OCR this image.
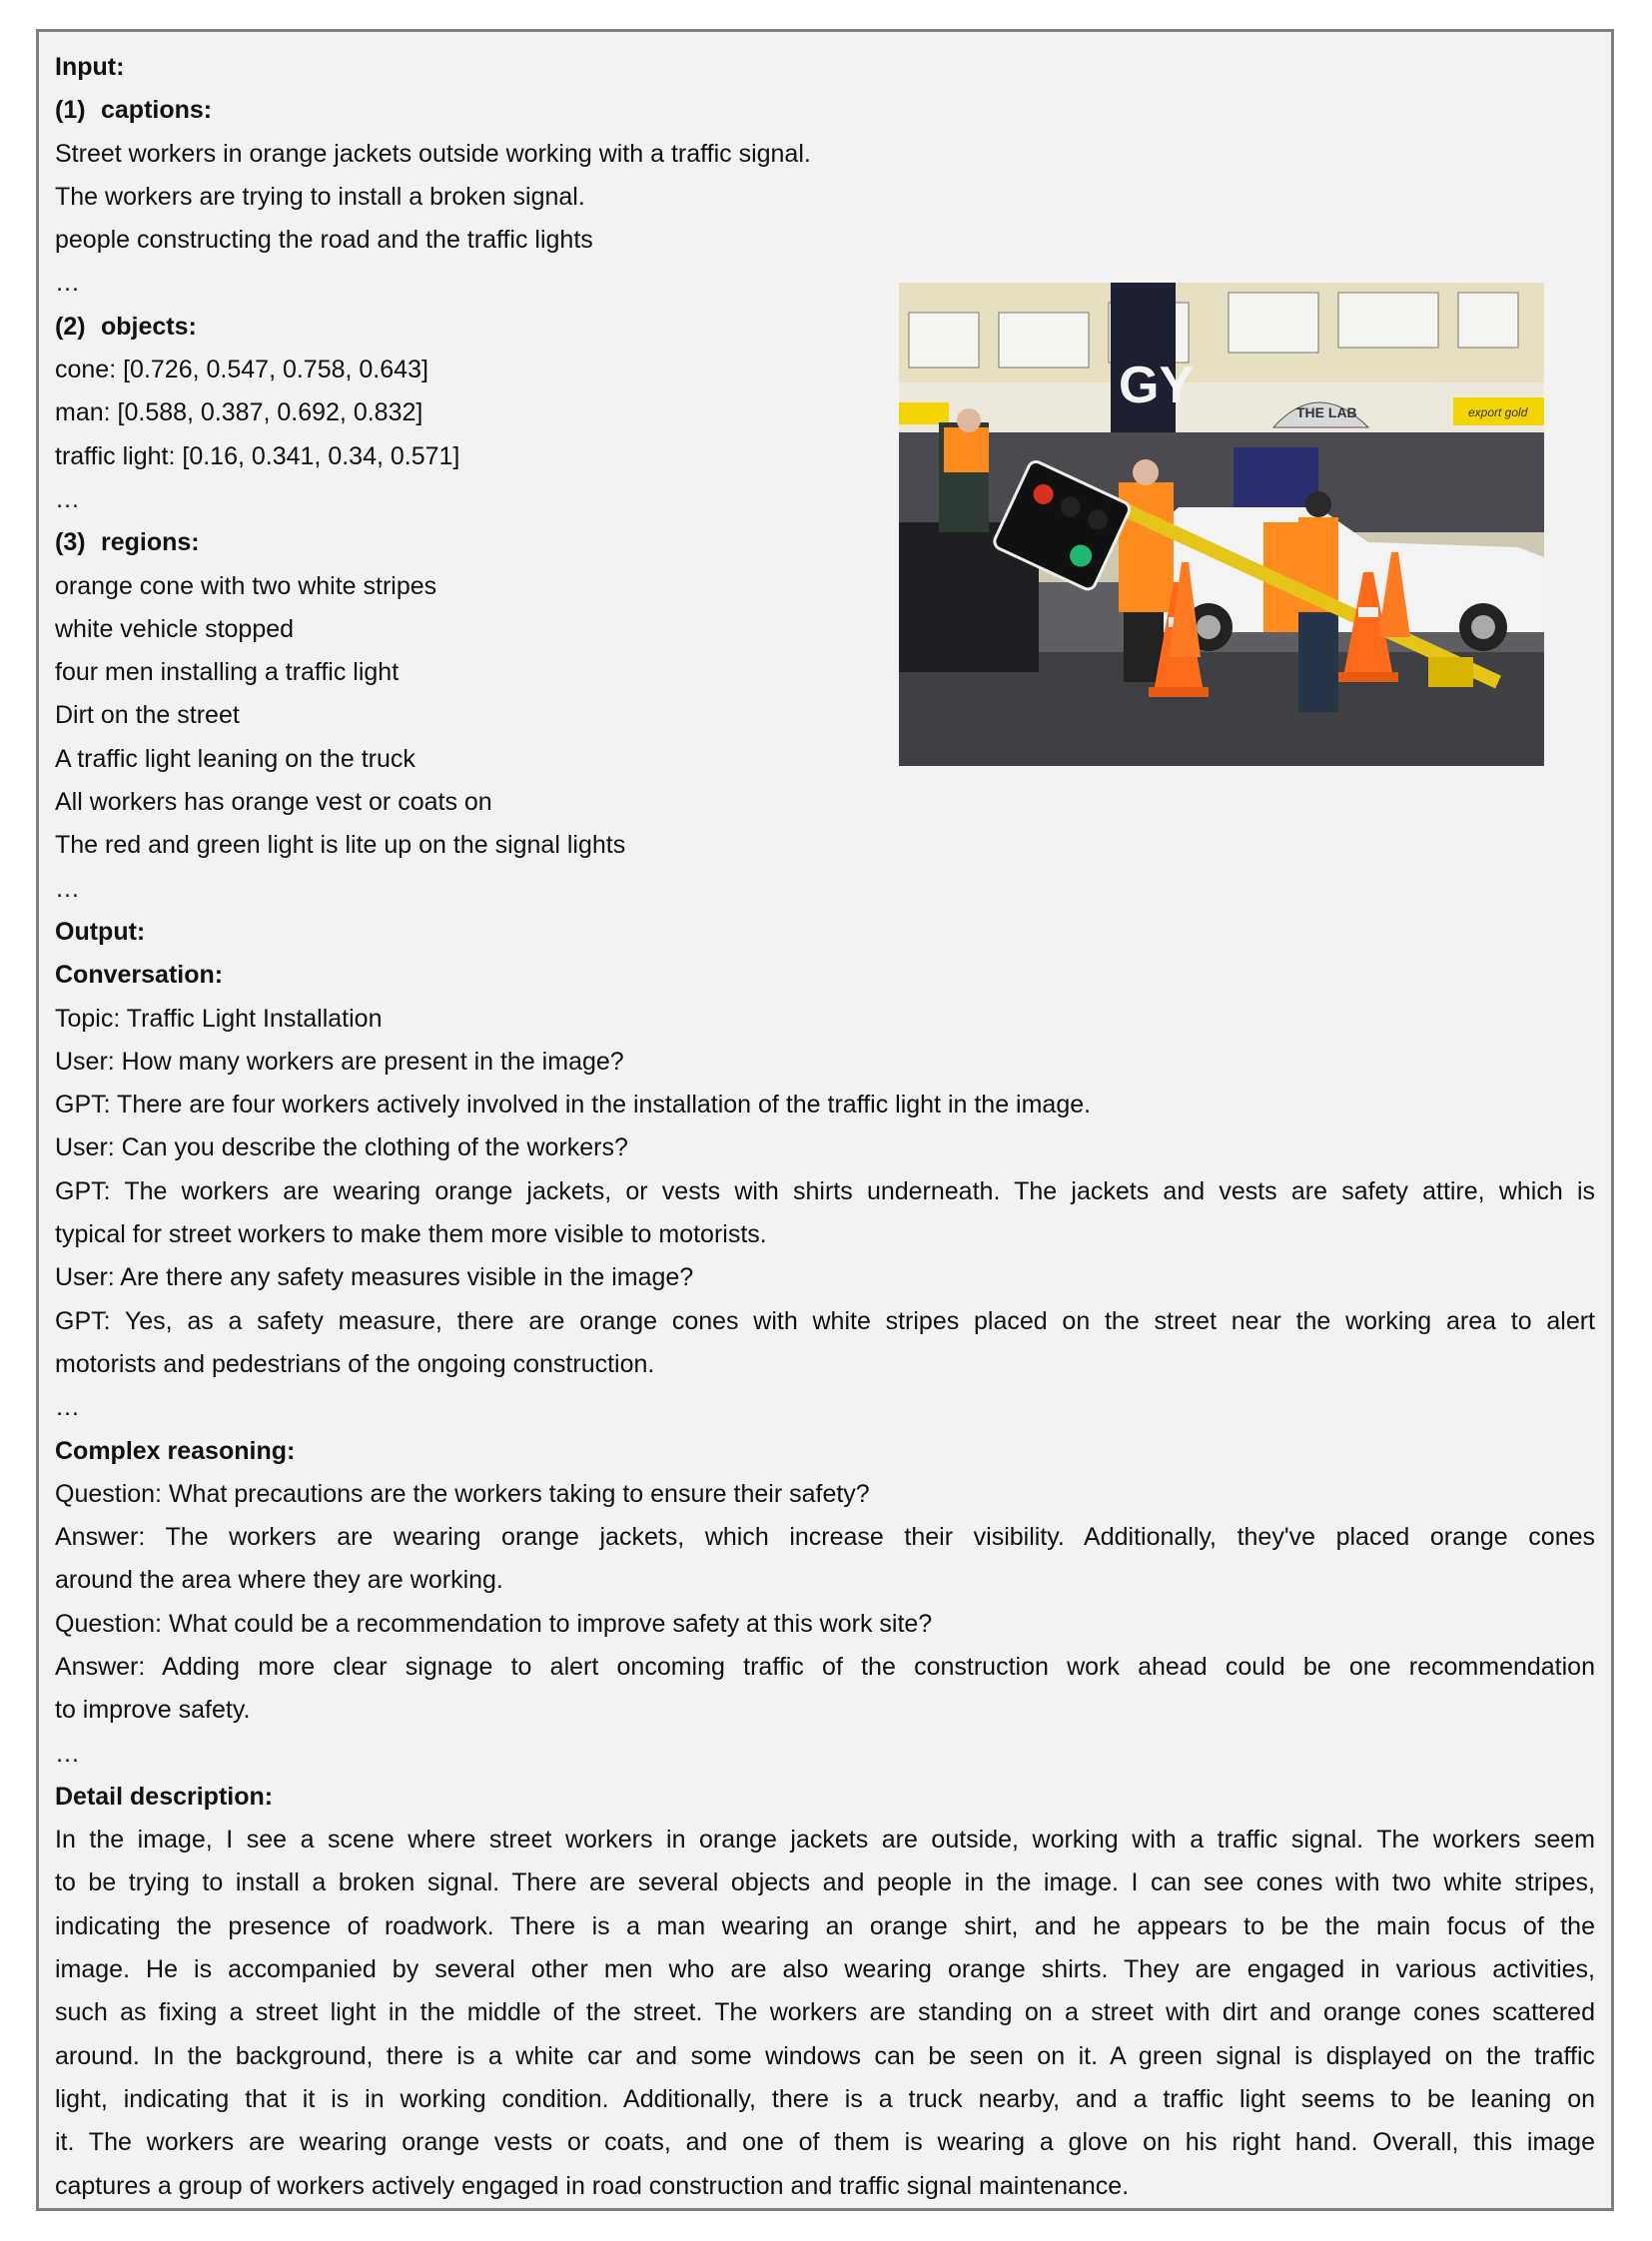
Input:
(1) captions:
Street workers in orange jackets outside working with a traffic signal.
The workers are trying to install a broken signal.
people constructing the road and the traffic lights
…
(2) objects:
cone: [0.726, 0.547, 0.758, 0.643]
man: [0.588, 0.387, 0.692, 0.832]
traffic light: [0.16, 0.341, 0.34, 0.571]
…
(3) regions:
orange cone with two white stripes
white vehicle stopped
four men installing a traffic light
Dirt on the street
A traffic light leaning on the truck
All workers has orange vest or coats on
The red and green light is lite up on the signal lights
…
Output:
Conversation:
Topic: Traffic Light Installation
User: How many workers are present in the image?
GPT: There are four workers actively involved in the installation of the traffic light in the image.
User: Can you describe the clothing of the workers?
GPT: The workers are wearing orange jackets, or vests with shirts underneath. The jackets and vests are safety attire, which is
typical for street workers to make them more visible to motorists.
User: Are there any safety measures visible in the image?
GPT: Yes, as a safety measure, there are orange cones with white stripes placed on the street near the working area to alert
motorists and pedestrians of the ongoing construction.
…
Complex reasoning:
Question: What precautions are the workers taking to ensure their safety?
Answer: The workers are wearing orange jackets, which increase their visibility. Additionally, they've placed orange cones
around the area where they are working.
Question: What could be a recommendation to improve safety at this work site?
Answer: Adding more clear signage to alert oncoming traffic of the construction work ahead could be one recommendation
to improve safety.
…
Detail description:
In the image, I see a scene where street workers in orange jackets are outside, working with a traffic signal. The workers seem
to be trying to install a broken signal. There are several objects and people in the image. I can see cones with two white stripes,
indicating the presence of roadwork. There is a man wearing an orange shirt, and he appears to be the main focus of the
image. He is accompanied by several other men who are also wearing orange shirts. They are engaged in various activities,
such as fixing a street light in the middle of the street. The workers are standing on a street with dirt and orange cones scattered
around. In the background, there is a white car and some windows can be seen on it. A green signal is displayed on the traffic
light, indicating that it is in working condition. Additionally, there is a truck nearby, and a traffic light seems to be leaning on
it. The workers are wearing orange vests or coats, and one of them is wearing a glove on his right hand. Overall, this image
captures a group of workers actively engaged in road construction and traffic signal maintenance.
export gold
GY	THE LAB
